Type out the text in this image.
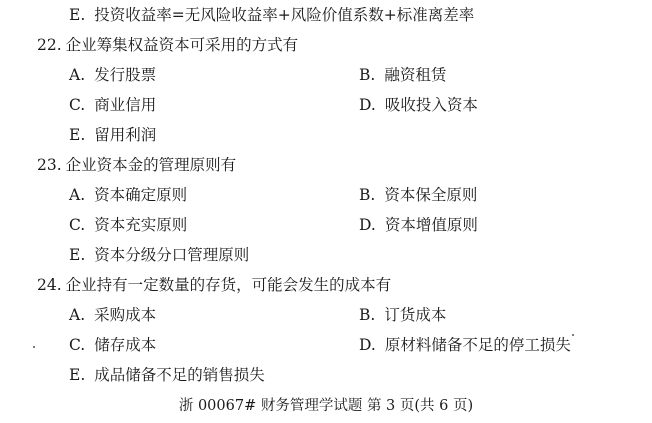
E. 投资收益率=无风险收益率+风险价值系数+标准离差率
22. 企业筹集权益资本可采用的方式有
A. 发行股票	B. 融资租赁
C. 商业信用	D. 吸收投入资本
E. 留用利润
23. 企业资本金的管理原则有
A. 资本确定原则	B. 资本保全原则
C. 资本充实原则	D. 资本增值原则
E. 资本分级分口管理原则
24. 企业持有一定数量的存货，可能会发生的成本有
A. 采购成本	B. 订货成本
C. 储存成本	D. 原材料储备不足的停工损失
E. 成品储备不足的销售损失
浙 00067# 财务管理学试题 第 3 页(共 6 页)
